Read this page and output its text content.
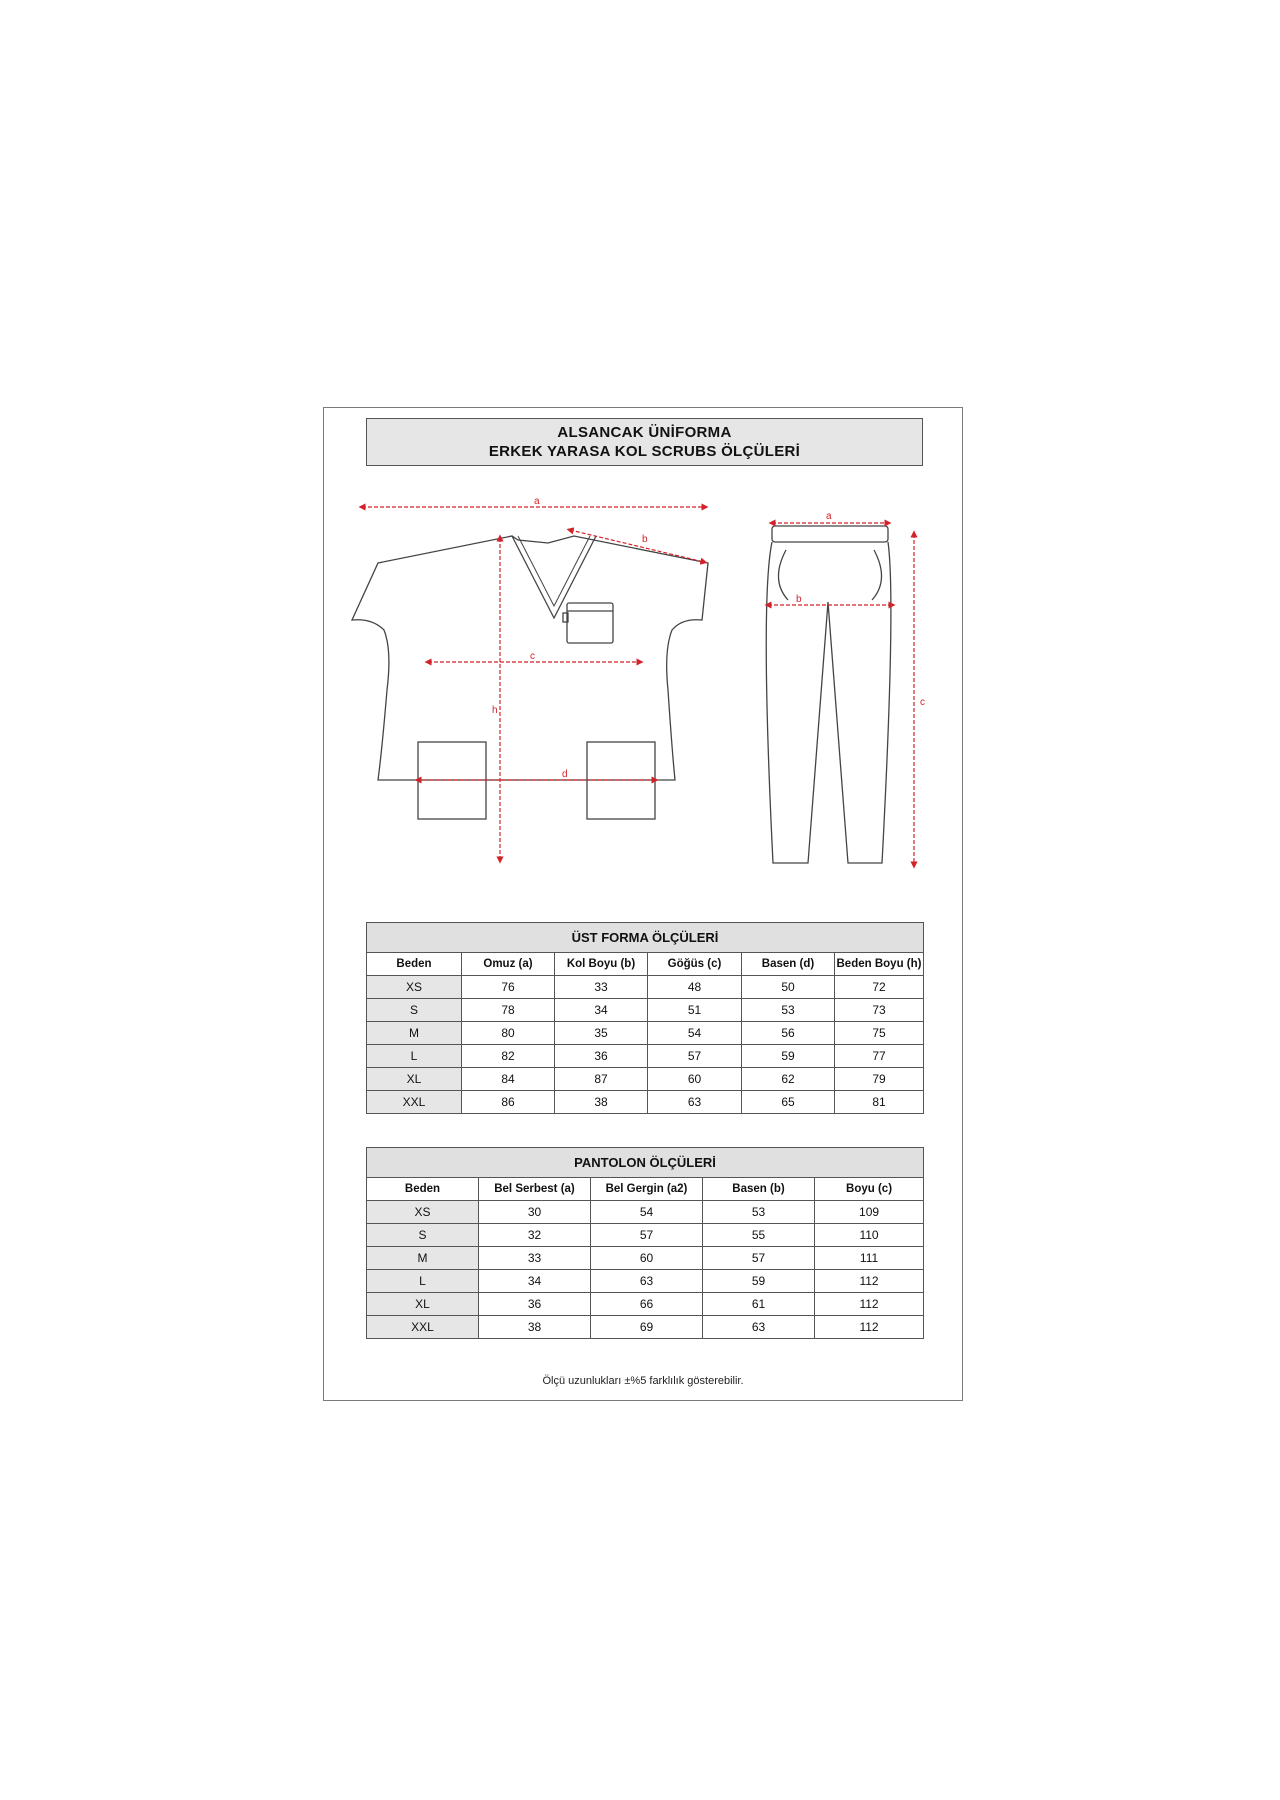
ALSANCAK ÜNİFORMA
ERKEK YARASA KOL SCRUBS ÖLÇÜLERİ
a
b
c
h
d
a
b
c
ÜST FORMA ÖLÇÜLERİ					
Beden	Omuz (a)	Kol Boyu (b)	Göğüs (c)	Basen (d)	Beden Boyu (h)
XS	76	33	48	50	72
S	78	34	51	53	73
M	80	35	54	56	75
L	82	36	57	59	77
XL	84	87	60	62	79
XXL	86	38	63	65	81
PANTOLON ÖLÇÜLERİ				
Beden	Bel Serbest (a)	Bel Gergin (a2)	Basen (b)	Boyu (c)
XS	30	54	53	109
S	32	57	55	110
M	33	60	57	111
L	34	63	59	112
XL	36	66	61	112
XXL	38	69	63	112
Ölçü uzunlukları ±%5 farklılık gösterebilir.
